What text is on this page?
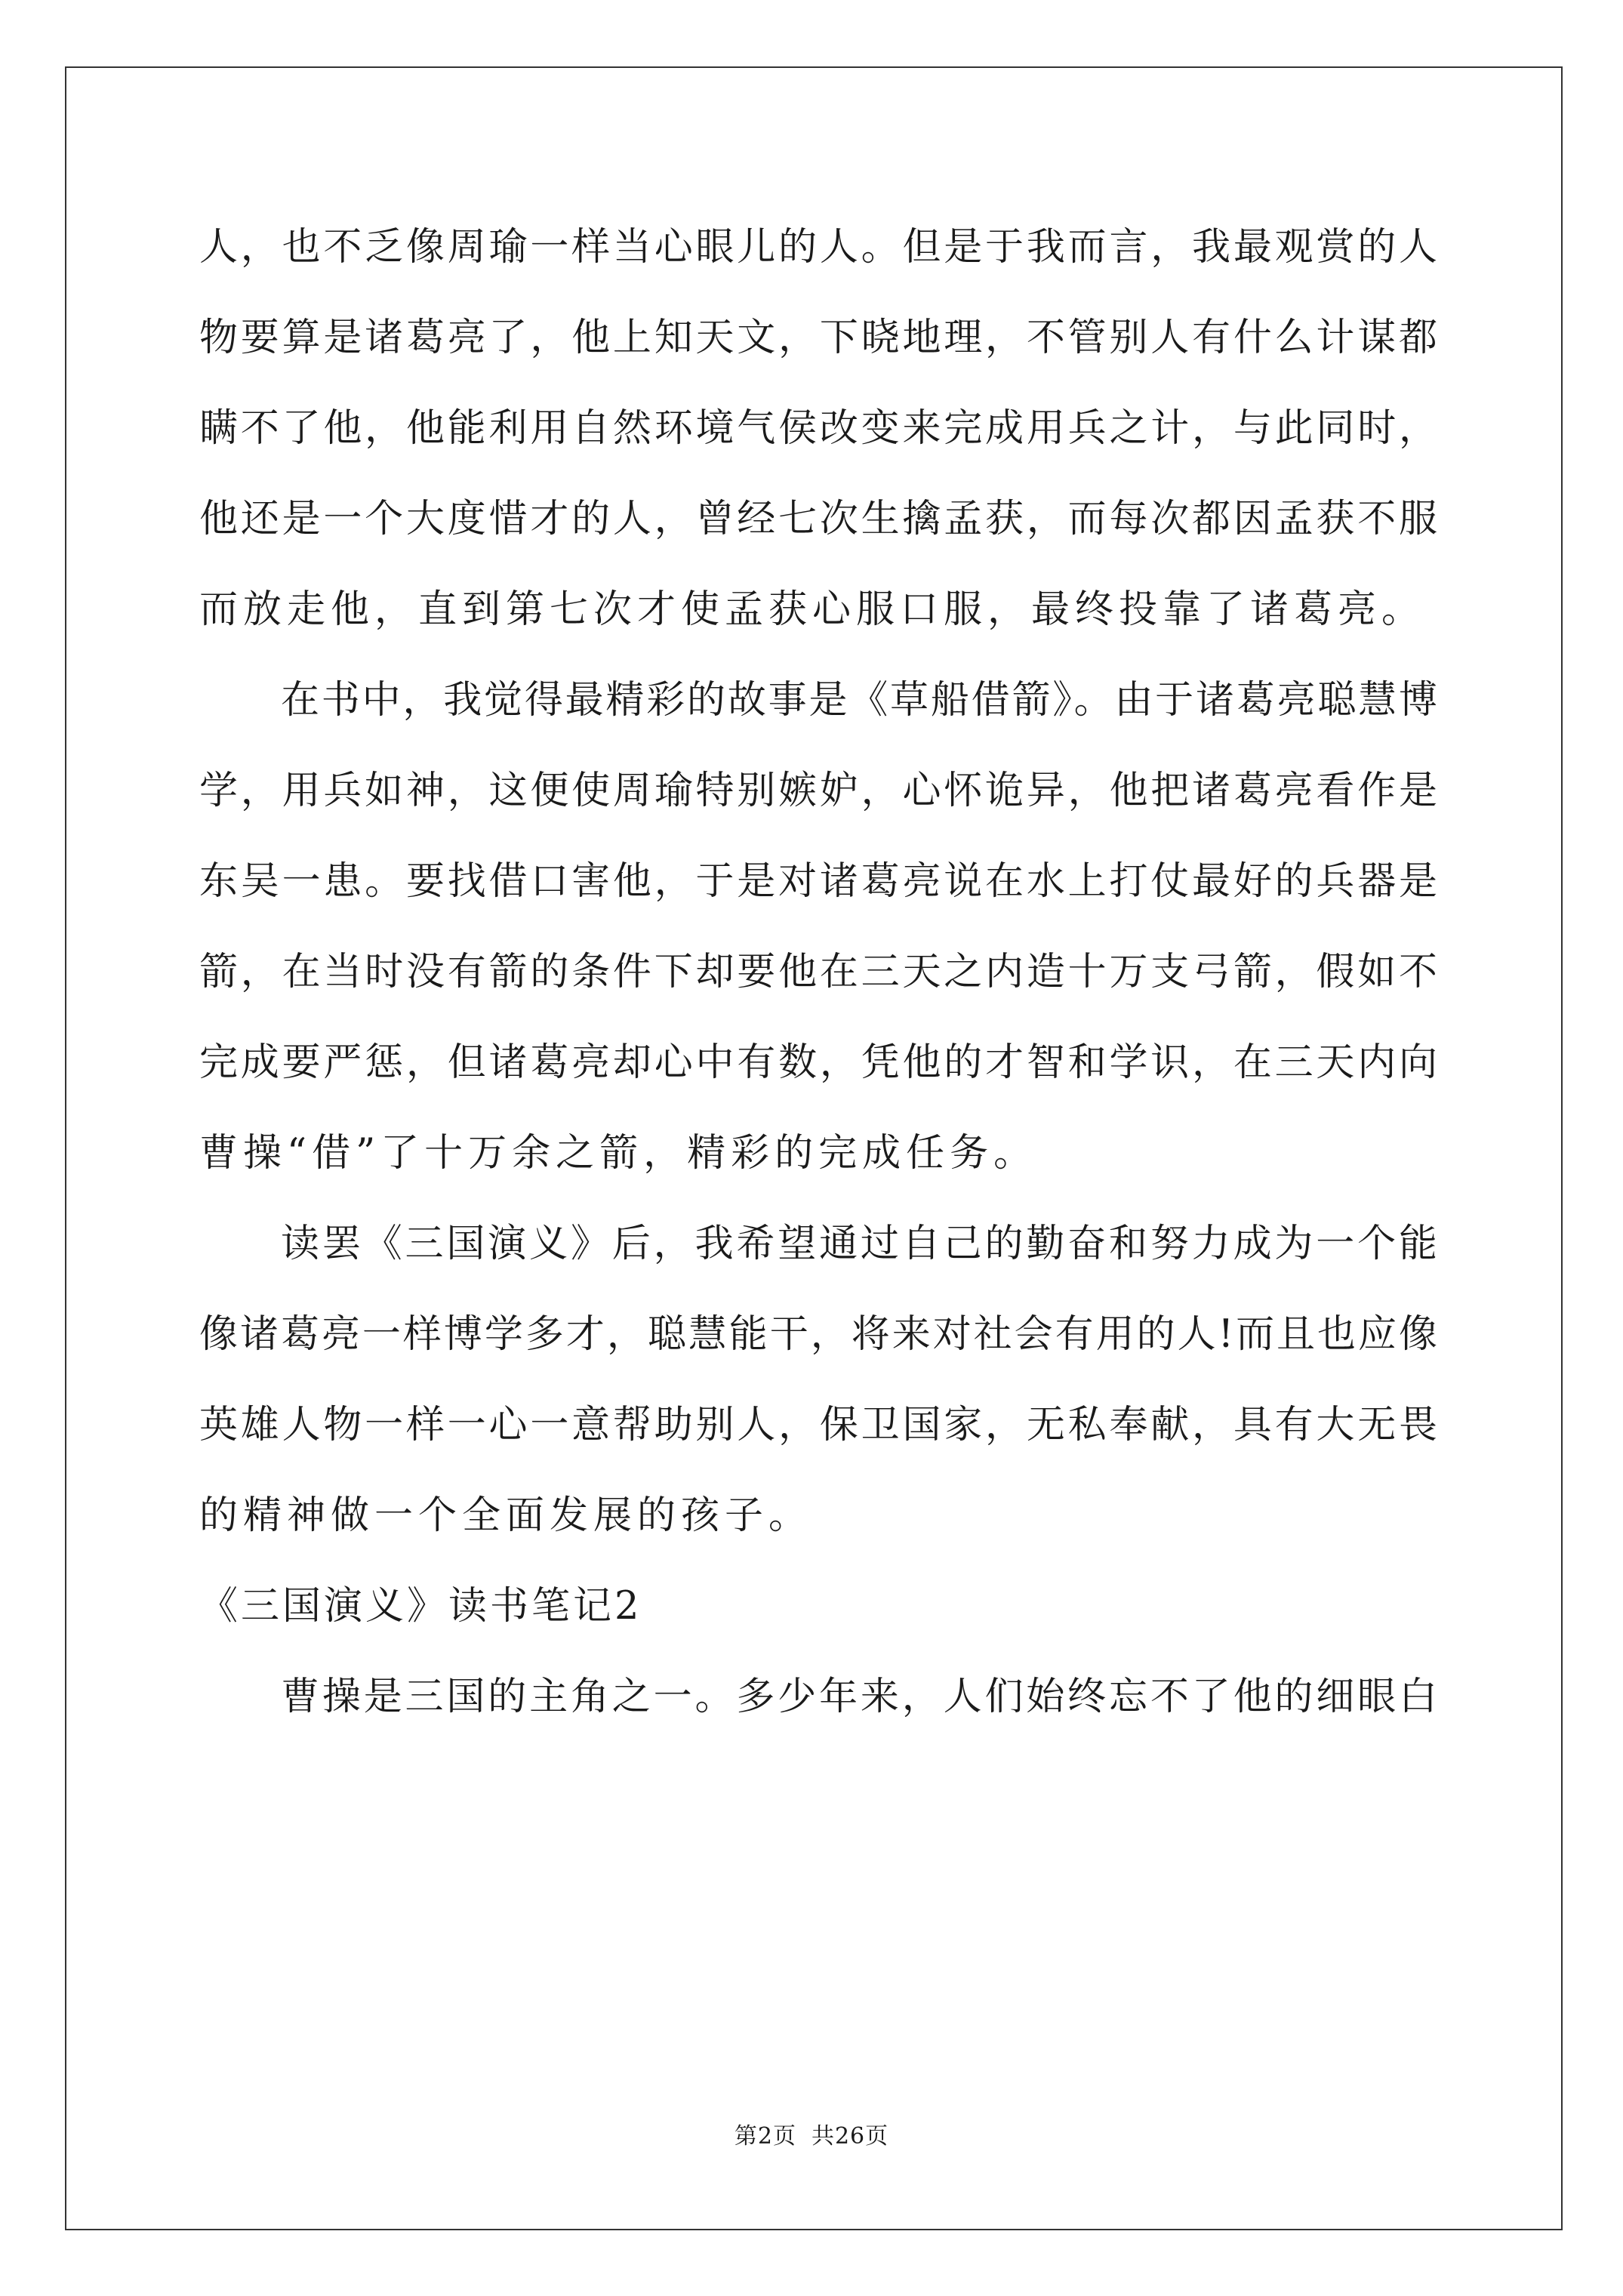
人，也不乏像周瑜一样当心眼儿的人。但是于我而言，我最观赏的人
物要算是诸葛亮了，他上知天文，下晓地理，不管别人有什么计谋都
瞒不了他，他能利用自然环境气侯改变来完成用兵之计，与此同时，
他还是一个大度惜才的人，曾经七次生擒孟获，而每次都因孟获不服
而放走他，直到第七次才使孟获心服口服，最终投靠了诸葛亮。
在书中，我觉得最精彩的故事是《草船借箭》。由于诸葛亮聪慧博
学，用兵如神，这便使周瑜特别嫉妒，心怀诡异，他把诸葛亮看作是
东吴一患。要找借口害他，于是对诸葛亮说在水上打仗最好的兵器是
箭，在当时没有箭的条件下却要他在三天之内造十万支弓箭，假如不
完成要严惩，但诸葛亮却心中有数，凭他的才智和学识，在三天内向
曹操“借”了十万余之箭，精彩的完成任务。
读罢《三国演义》后，我希望通过自己的勤奋和努力成为一个能
像诸葛亮一样博学多才，聪慧能干，将来对社会有用的人!而且也应像
英雄人物一样一心一意帮助别人，保卫国家，无私奉献，具有大无畏
的精神做一个全面发展的孩子。
《三国演义》读书笔记2
曹操是三国的主角之一。多少年来，人们始终忘不了他的细眼白
第2页 共26页
